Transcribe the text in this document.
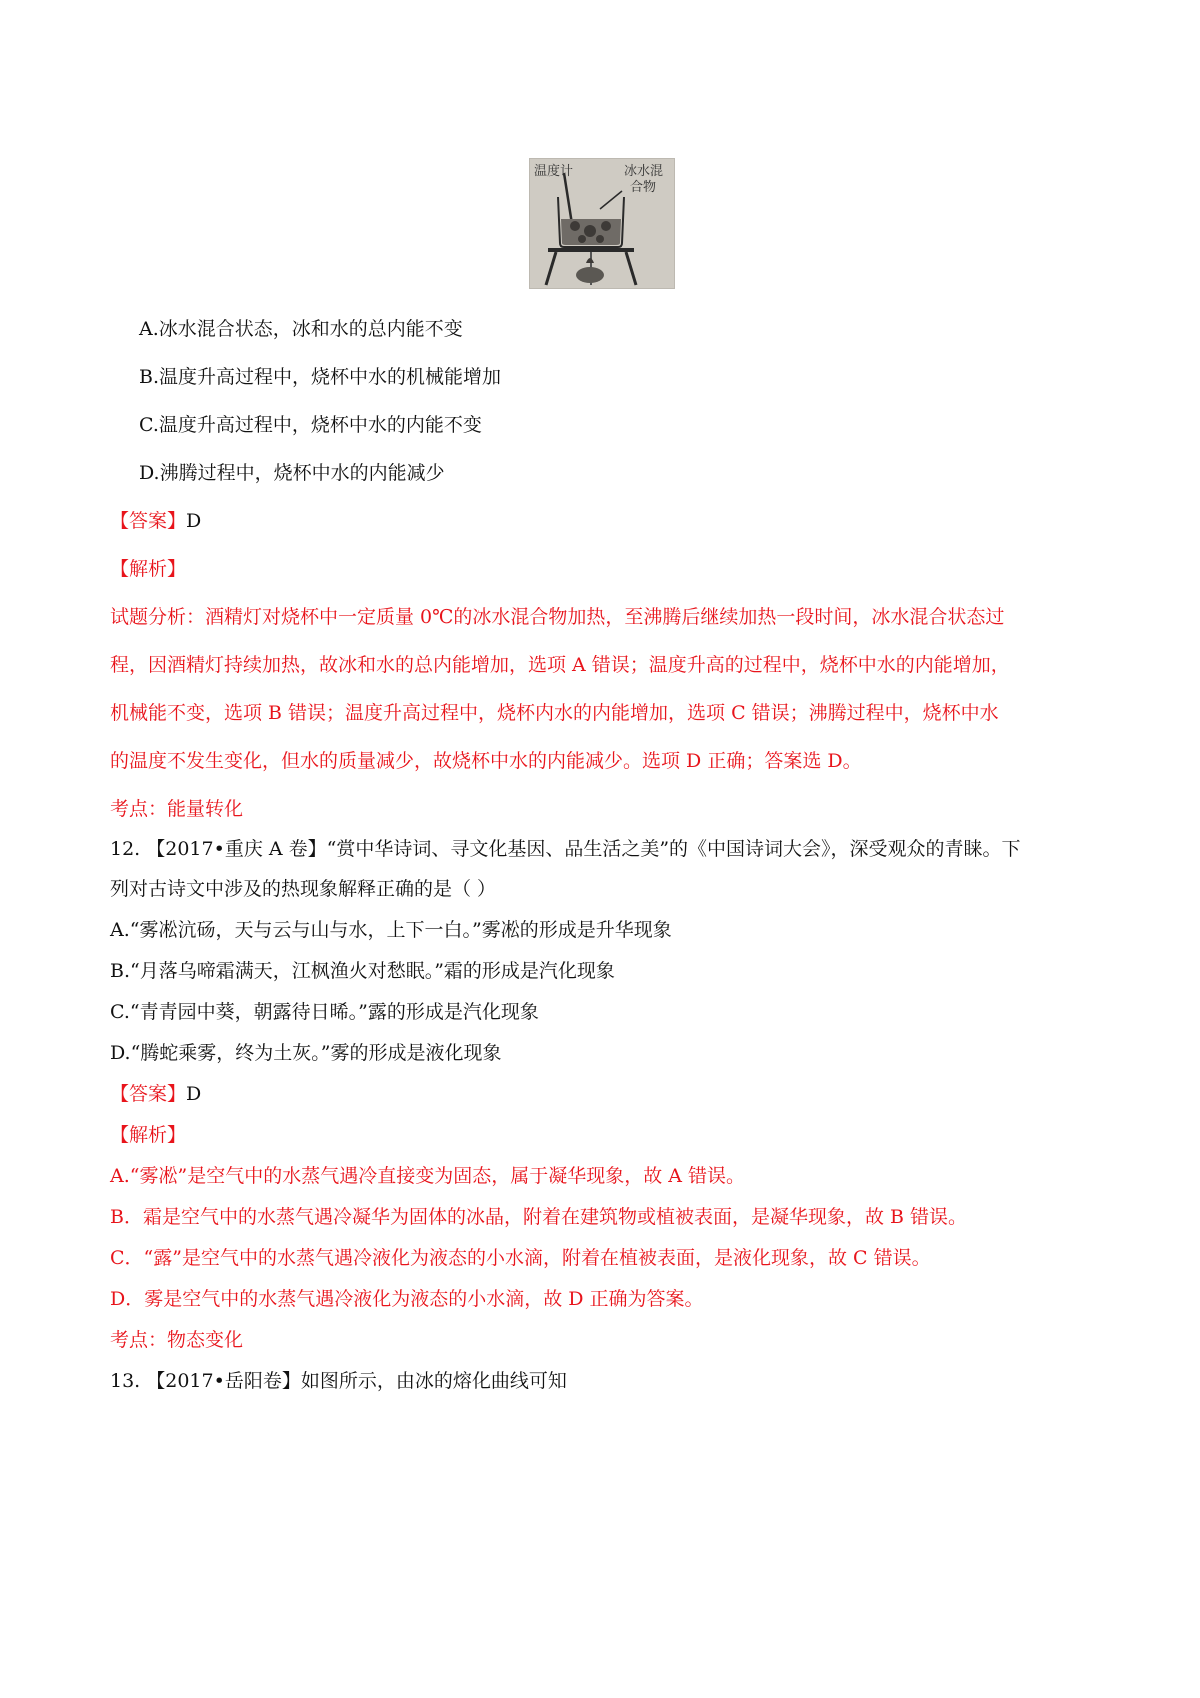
温度计	冰水混
合物
A.冰水混合状态，冰和水的总内能不变
B.温度升高过程中，烧杯中水的机械能增加
C.温度升高过程中，烧杯中水的内能不变
D.沸腾过程中，烧杯中水的内能减少
【答案】D
【解析】
试题分析：酒精灯对烧杯中一定质量 0℃的冰水混合物加热，至沸腾后继续加热一段时间，冰水混合状态过
程，因酒精灯持续加热，故冰和水的总内能增加，选项 A 错误；温度升高的过程中，烧杯中水的内能增加，
机械能不变，选项 B 错误；温度升高过程中，烧杯内水的内能增加，选项 C 错误；沸腾过程中，烧杯中水
的温度不发生变化，但水的质量减少，故烧杯中水的内能减少。选项 D 正确；答案选 D。
考点：能量转化
12. 【2017•重庆 A 卷】“赏中华诗词、寻文化基因、品生活之美”的《中国诗词大会》，深受观众的青睐。下
列对古诗文中涉及的热现象解释正确的是（ ）
A.“雾凇沆砀，天与云与山与水，上下一白。”雾凇的形成是升华现象
B.“月落乌啼霜满天，江枫渔火对愁眠。”霜的形成是汽化现象
C.“青青园中葵，朝露待日晞。”露的形成是汽化现象
D.“腾蛇乘雾，终为土灰。”雾的形成是液化现象
【答案】D
【解析】
A.“雾凇”是空气中的水蒸气遇冷直接变为固态，属于凝华现象，故 A 错误。
B．霜是空气中的水蒸气遇冷凝华为固体的冰晶，附着在建筑物或植被表面，是凝华现象，故 B 错误。
C．“露”是空气中的水蒸气遇冷液化为液态的小水滴，附着在植被表面，是液化现象，故 C 错误。
D．雾是空气中的水蒸气遇冷液化为液态的小水滴，故 D 正确为答案。
考点：物态变化
13. 【2017•岳阳卷】如图所示，由冰的熔化曲线可知
